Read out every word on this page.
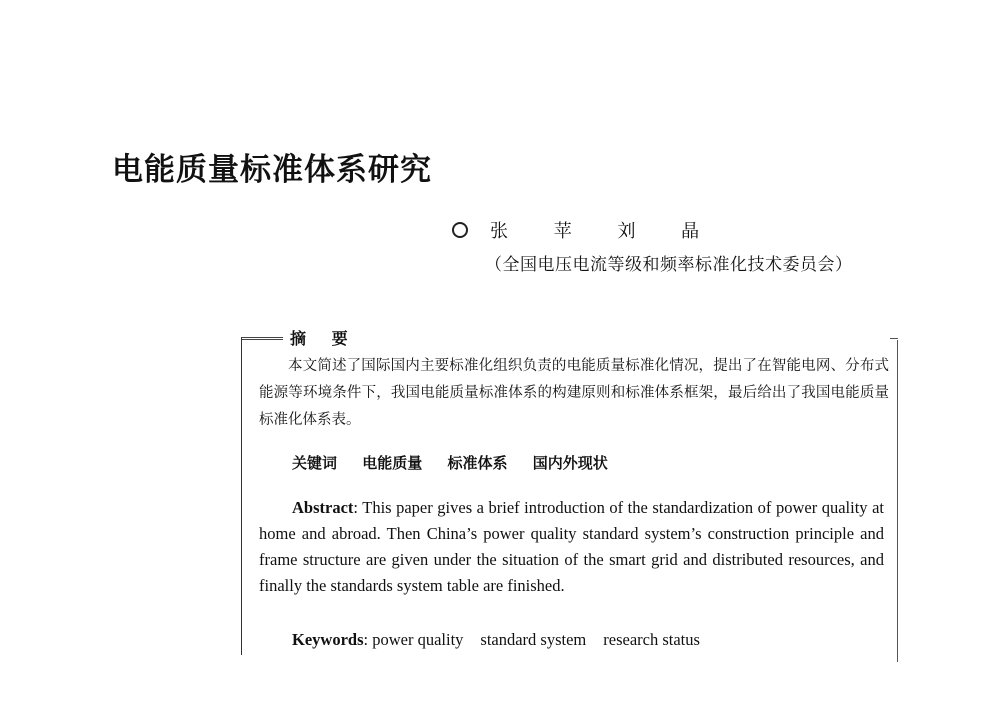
电能质量标准体系研究
张 苹 刘 晶
（全国电压电流等级和频率标准化技术委员会）
摘 要

本文简述了国际国内主要标准化组织负责的电能质量标准化情况，提出了在智能电网、分布式能源等环境条件下，我国电能质量标准体系的构建原则和标准体系框架，最后给出了我国电能质量标准化体系表。

关键词 电能质量 标准体系 国内外现状

Abstract: This paper gives a brief introduction of the standardization of power quality at home and abroad. Then China’s power quality standard system’s construction principle and frame structure are given under the situation of the smart grid and distributed resources, and finally the standards system table are finished.

Keywords: power quality standard system research status
